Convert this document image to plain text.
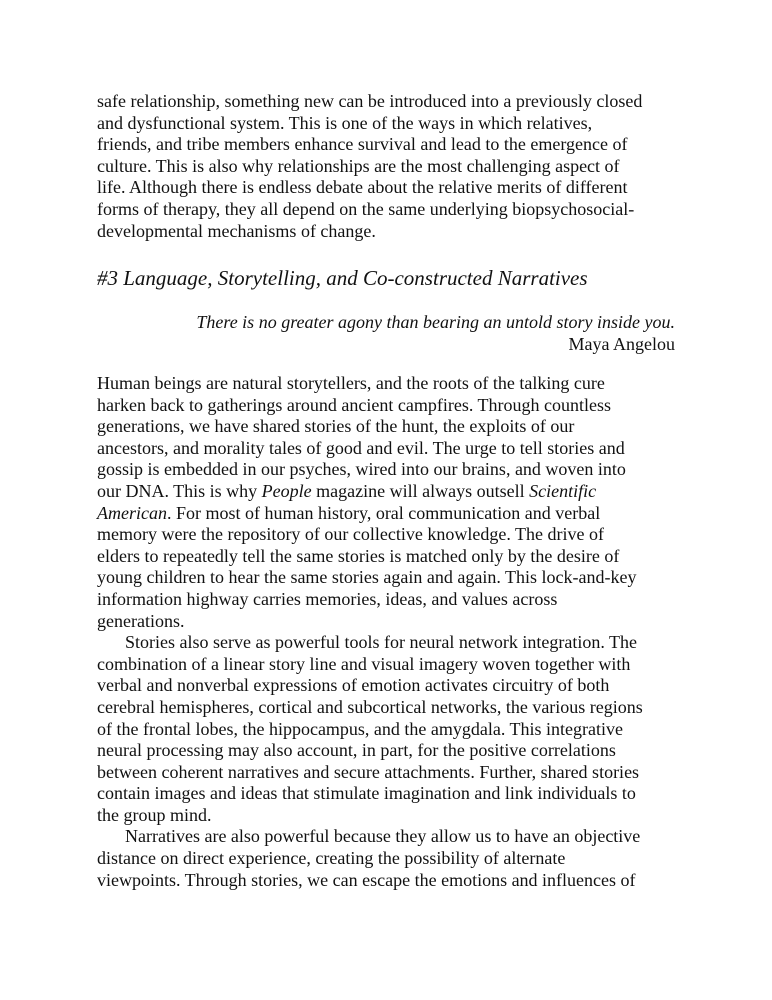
safe relationship, something new can be introduced into a previously closed
and dysfunctional system. This is one of the ways in which relatives,
friends, and tribe members enhance survival and lead to the emergence of
culture. This is also why relationships are the most challenging aspect of
life. Although there is endless debate about the relative merits of different
forms of therapy, they all depend on the same underlying biopsychosocial-
developmental mechanisms of change.
#3 Language, Storytelling, and Co-constructed Narratives
There is no greater agony than bearing an untold story inside you.
Maya Angelou
Human beings are natural storytellers, and the roots of the talking cure
harken back to gatherings around ancient campfires. Through countless
generations, we have shared stories of the hunt, the exploits of our
ancestors, and morality tales of good and evil. The urge to tell stories and
gossip is embedded in our psyches, wired into our brains, and woven into
our DNA. This is why People magazine will always outsell Scientific
American. For most of human history, oral communication and verbal
memory were the repository of our collective knowledge. The drive of
elders to repeatedly tell the same stories is matched only by the desire of
young children to hear the same stories again and again. This lock-and-key
information highway carries memories, ideas, and values across
generations.
Stories also serve as powerful tools for neural network integration. The
combination of a linear story line and visual imagery woven together with
verbal and nonverbal expressions of emotion activates circuitry of both
cerebral hemispheres, cortical and subcortical networks, the various regions
of the frontal lobes, the hippocampus, and the amygdala. This integrative
neural processing may also account, in part, for the positive correlations
between coherent narratives and secure attachments. Further, shared stories
contain images and ideas that stimulate imagination and link individuals to
the group mind.
Narratives are also powerful because they allow us to have an objective
distance on direct experience, creating the possibility of alternate
viewpoints. Through stories, we can escape the emotions and influences of
